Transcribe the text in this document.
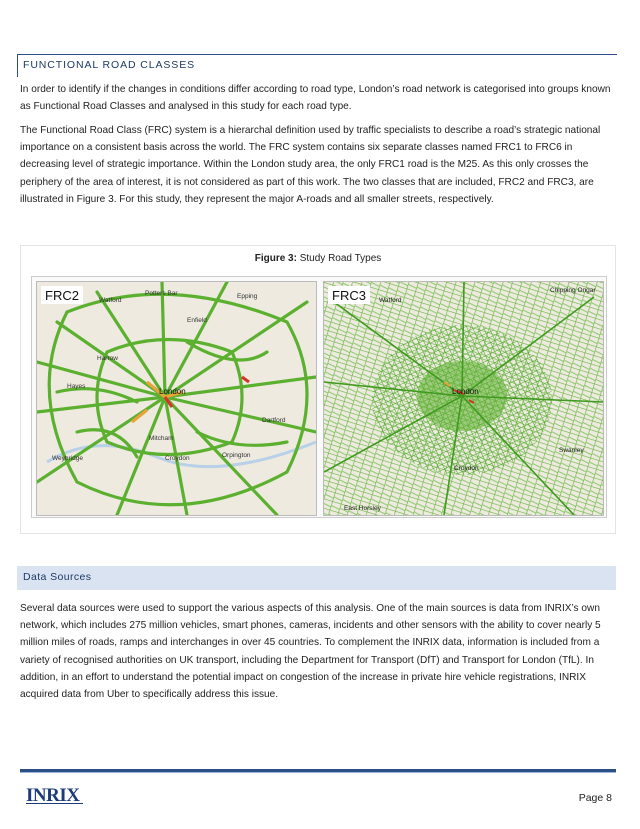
FUNCTIONAL ROAD CLASSES

In order to identify if the changes in conditions differ according to road type, London’s road network is categorised into groups known as Functional Road Classes and analysed in this study for each road type.

The Functional Road Class (FRC) system is a hierarchal definition used by traffic specialists to describe a road’s strategic national importance on a consistent basis across the world. The FRC system contains six separate classes named FRC1 to FRC6 in decreasing level of strategic importance. Within the London study area, the only FRC1 road is the M25. As this only crosses the periphery of the area of interest, it is not considered as part of this work. The two classes that are included, FRC2 and FRC3, are illustrated in Figure 3. For this study, they represent the major A-roads and all smaller streets, respectively.

Figure 3: Study Road Types
Watford
Potters Bar	Epping
Harrow
Enfield
Hayes
London
Dartford
Weybridge
Mitcham
Orpington
Croydon
FRC2	Watford
Chipping Ongar
London
Swanley
Croydon
East Horsley
FRC3
Data Sources

Several data sources were used to support the various aspects of this analysis. One of the main sources is data from INRIX’s own network, which includes 275 million vehicles, smart phones, cameras, incidents and other sensors with the ability to cover nearly 5 million miles of roads, ramps and interchanges in over 45 countries. To complement the INRIX data, information is included from a variety of recognised authorities on UK transport, including the Department for Transport (DfT) and Transport for London (TfL). In addition, in an effort to understand the potential impact on congestion of the increase in private hire vehicle registrations, INRIX acquired data from Uber to specifically address this issue.

INRIX	Page 8
